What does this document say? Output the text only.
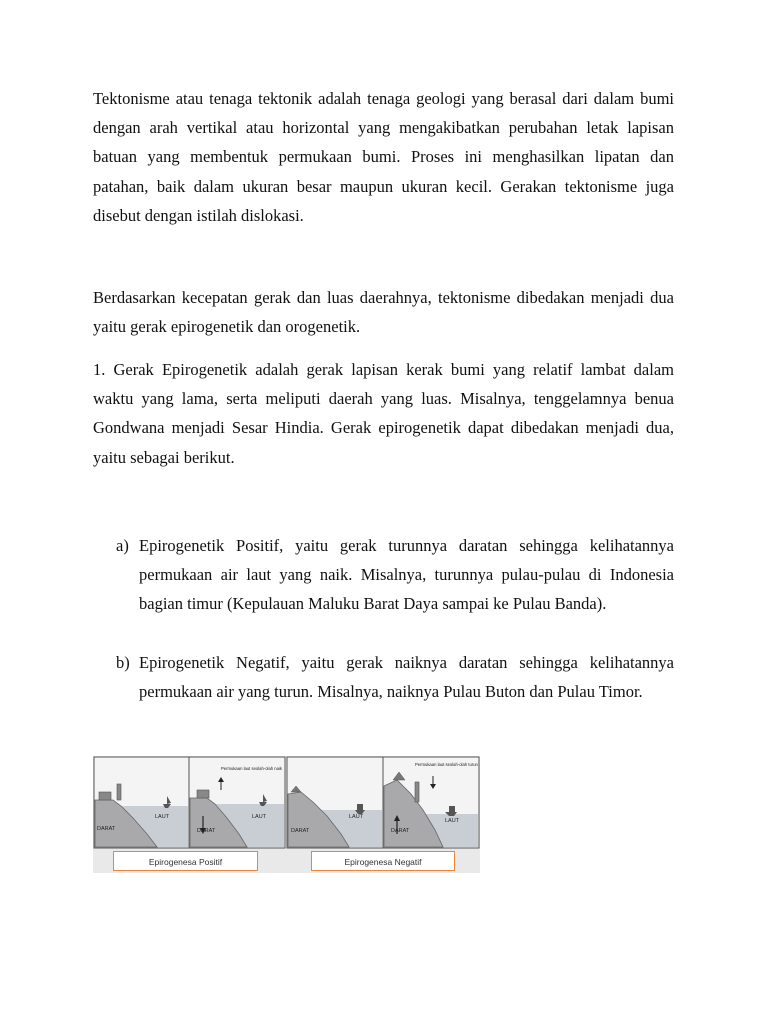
Tektonisme atau tenaga tektonik adalah tenaga geologi yang berasal dari dalam bumi dengan arah vertikal atau horizontal yang mengakibatkan perubahan letak lapisan batuan yang membentuk permukaan bumi. Proses ini menghasilkan lipatan dan patahan, baik dalam ukuran besar maupun ukuran kecil. Gerakan tektonisme juga disebut dengan istilah dislokasi.

Berdasarkan kecepatan gerak dan luas daerahnya, tektonisme dibedakan menjadi dua yaitu gerak epirogenetik dan orogenetik.

1. Gerak Epirogenetik adalah gerak lapisan kerak bumi yang relatif lambat dalam waktu yang lama, serta meliputi daerah yang luas. Misalnya, tenggelamnya benua Gondwana menjadi Sesar Hindia. Gerak epirogenetik dapat dibedakan menjadi dua, yaitu sebagai berikut.

a) Epirogenetik Positif, yaitu gerak turunnya daratan sehingga kelihatannya permukaan air laut yang naik. Misalnya, turunnya pulau-pulau di Indonesia bagian timur (Kepulauan Maluku Barat Daya sampai ke Pulau Banda).
b) Epirogenetik Negatif, yaitu gerak naiknya daratan sehingga kelihatannya permukaan air yang turun. Misalnya, naiknya Pulau Buton dan Pulau Timor.
LAUT
DARAT
LAUT
DARAT
Permukaan laut seolah-olah naik
LAUT
DARAT
LAUT
DARAT
Permukaan laut seolah-olah turun
Epirogenesa Positif	Epirogenesa Negatif
